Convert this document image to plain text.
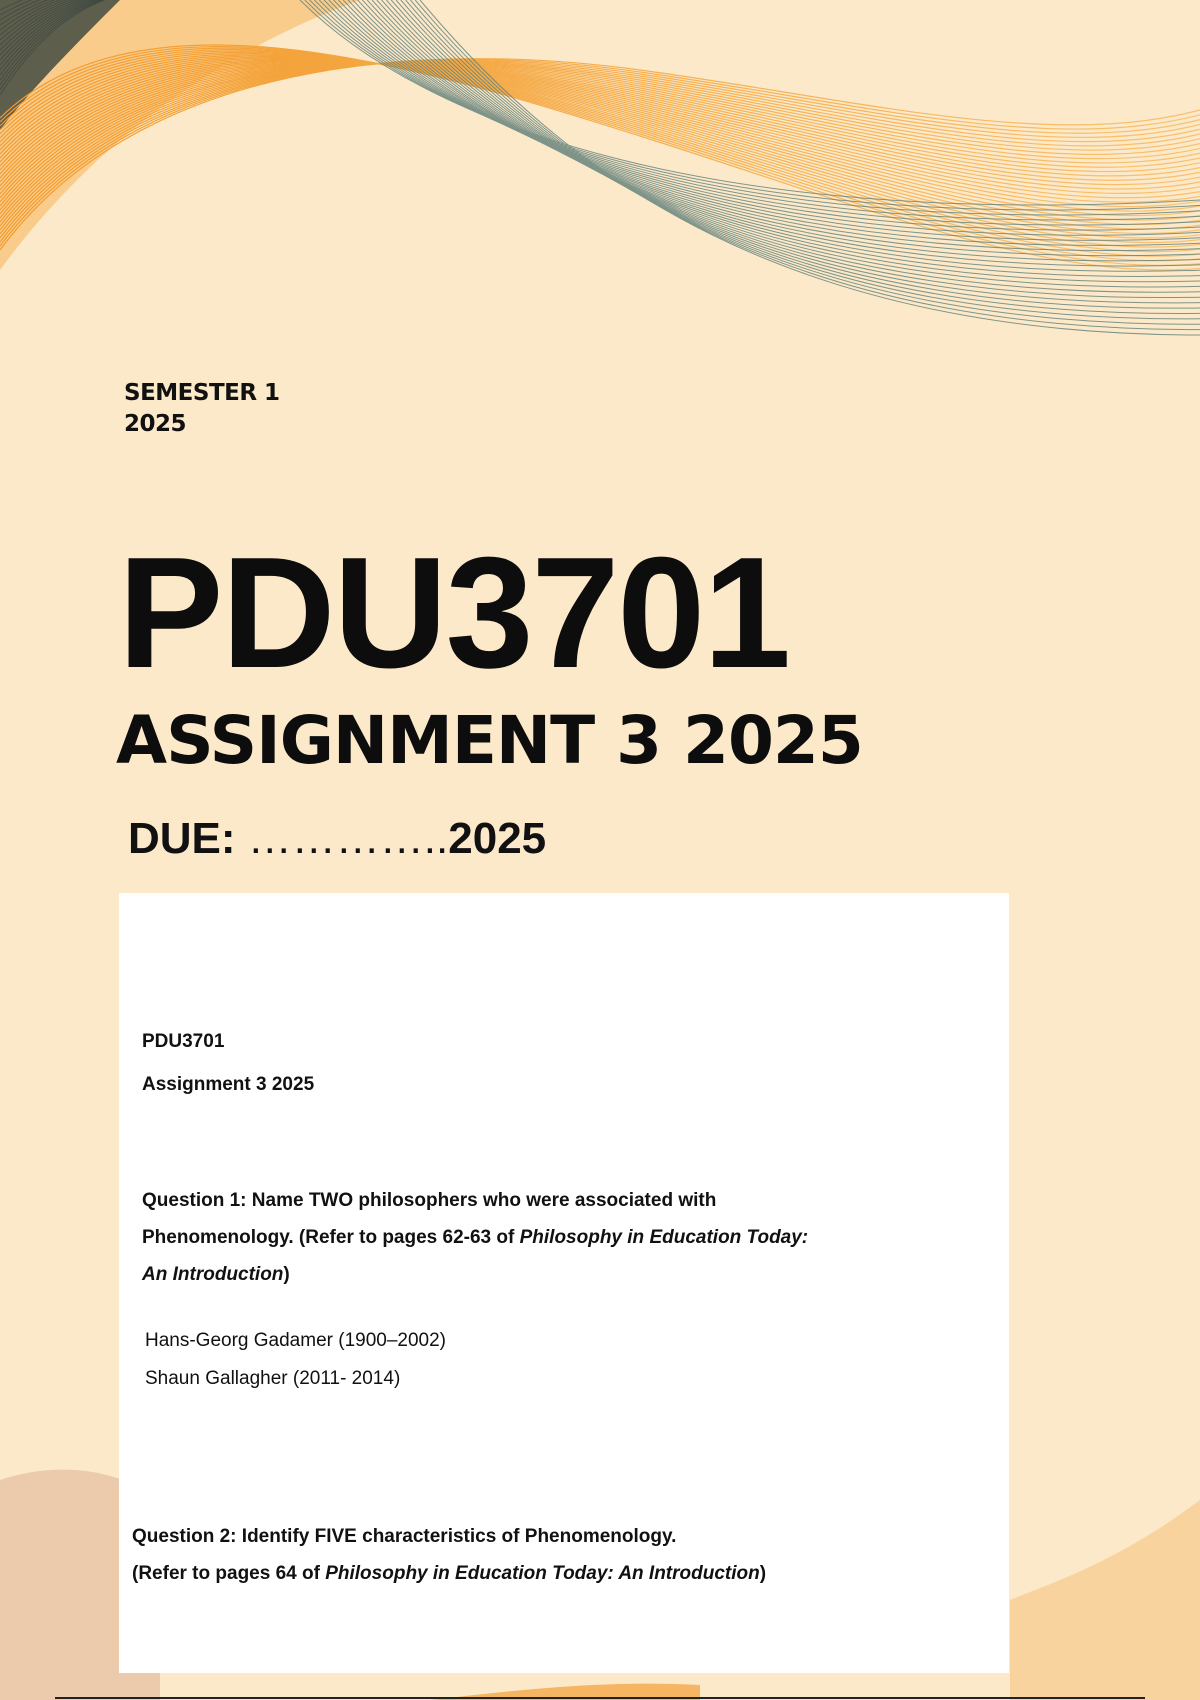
SEMESTER 1
2025
PDU3701
ASSIGNMENT 3 2025
DUE: …………..2025
PDU3701
Assignment 3 2025
Question 1: Name TWO philosophers who were associated with
Phenomenology. (Refer to pages 62-63 of Philosophy in Education Today:
An Introduction)
Hans-Georg Gadamer (1900–2002)
Shaun Gallagher (2011- 2014)
Question 2: Identify FIVE characteristics of Phenomenology.
(Refer to pages 64 of Philosophy in Education Today: An Introduction)
